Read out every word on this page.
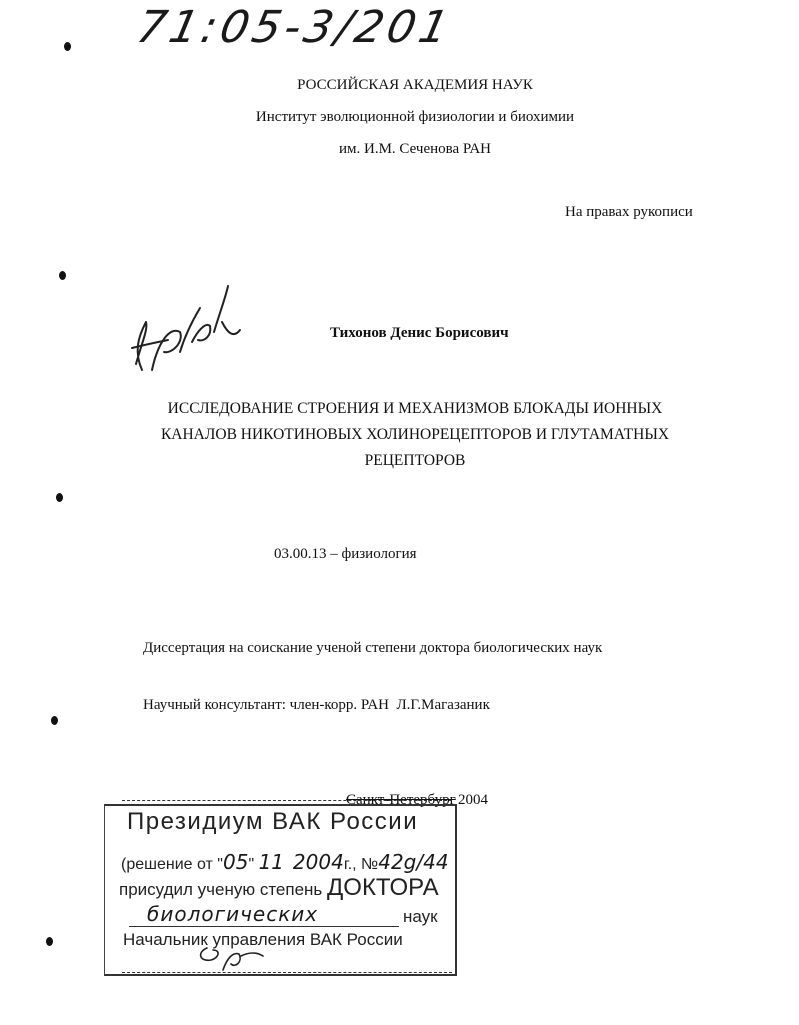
71:05-3/201
РОССИЙСКАЯ АКАДЕМИЯ НАУК
Институт эволюционной физиологии и биохимии
им. И.М. Сеченова РАН
На правах рукописи
Тихонов Денис Борисович
ИССЛЕДОВАНИЕ СТРОЕНИЯ И МЕХАНИЗМОВ БЛОКАДЫ ИОННЫХ
КАНАЛОВ НИКОТИНОВЫХ ХОЛИНОРЕЦЕПТОРОВ И ГЛУТАМАТНЫХ
РЕЦЕПТОРОВ
03.00.13 – физиология
Диссертация на соискание ученой степени доктора биологических наук
Научный консультант: член-корр. РАН  Л.Г.Магазаник
Санкт-Петербург 2004
Президиум ВАК России
(решение от "05" 11 2004г., №42g/44
присудил ученую степень ДОКТОРА
биологических	наук
Начальник управления ВАК России
